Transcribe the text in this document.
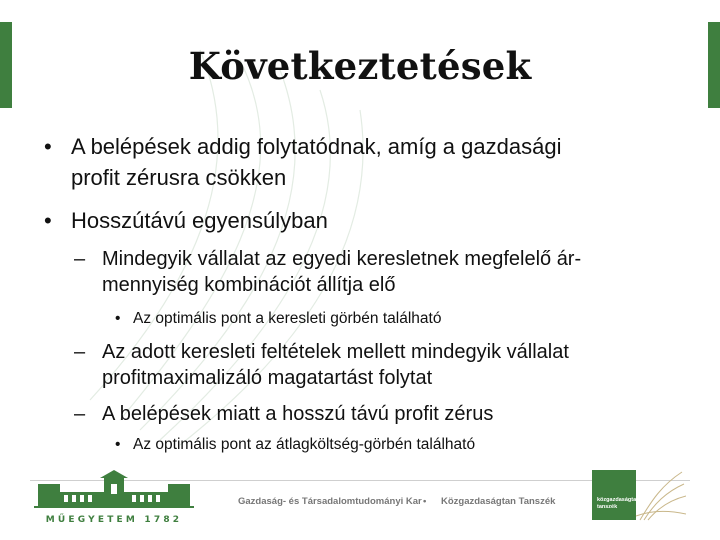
Következtetések
• A belépések addig folytatódnak, amíg a gazdasági
profit zérusra csökken
• Hosszútávú egyensúlyban
– Mindegyik vállalat az egyedi keresletnek megfelelő ár-
mennyiség kombinációt állítja elő
• Az optimális pont a keresleti görbén található
– Az adott keresleti feltételek mellett mindegyik vállalat
profitmaximalizáló magatartást folytat
– A belépések miatt a hosszú távú profit zérus
• Az optimális pont az átlagköltség-görbén található
MŰEGYETEM 1782
Gazdaság- és Társadalomtudományi Kar • Közgazdaságtan Tanszék	közgazdaságtan
tanszék
